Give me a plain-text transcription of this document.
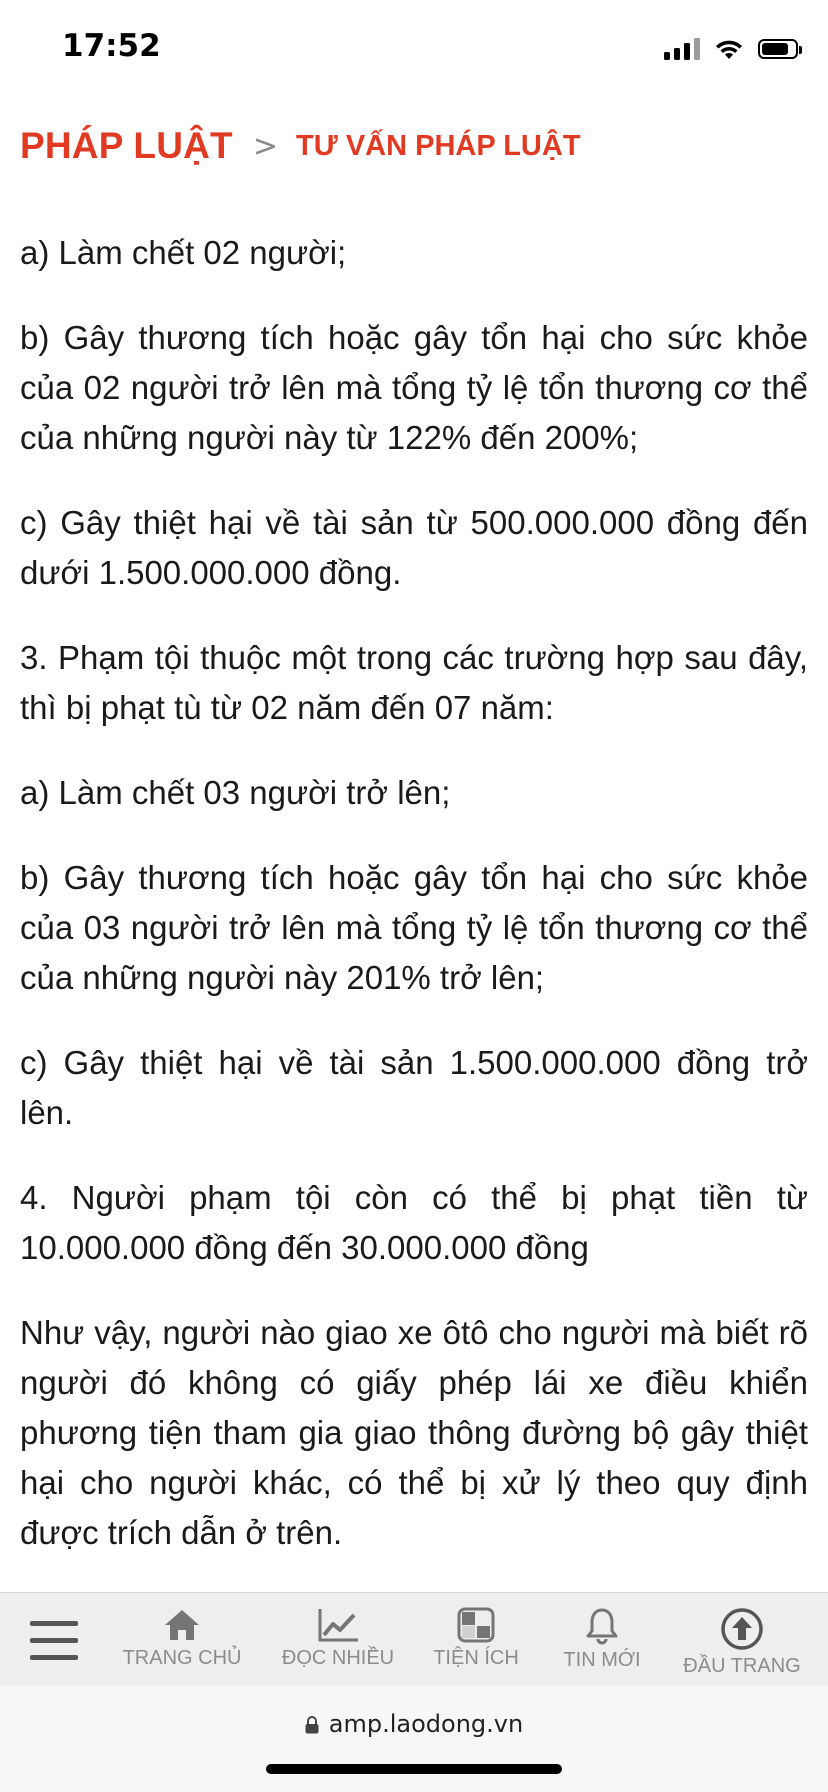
17:52
PHÁP LUẬT > TƯ VẤN PHÁP LUẬT

a) Làm chết 02 người;

b) Gây thương tích hoặc gây tổn hại cho sức khỏe của 02 người trở lên mà tổng tỷ lệ tổn thương cơ thể của những người này từ 122% đến 200%;

c) Gây thiệt hại về tài sản từ 500.000.000 đồng đến dưới 1.500.000.000 đồng.

3. Phạm tội thuộc một trong các trường hợp sau đây, thì bị phạt tù từ 02 năm đến 07 năm:

a) Làm chết 03 người trở lên;

b) Gây thương tích hoặc gây tổn hại cho sức khỏe của 03 người trở lên mà tổng tỷ lệ tổn thương cơ thể của những người này 201% trở lên;

c) Gây thiệt hại về tài sản 1.500.000.000 đồng trở lên.

4. Người phạm tội còn có thể bị phạt tiền từ 10.000.000 đồng đến 30.000.000 đồng

Như vậy, người nào giao xe ôtô cho người mà biết rõ người đó không có giấy phép lái xe điều khiển phương tiện tham gia giao thông đường bộ gây thiệt hại cho người khác, có thể bị xử lý theo quy định được trích dẫn ở trên.

TRANG CHỦ ĐỌC NHIỀU TIỆN ÍCH TIN MỚI ĐẦU TRANG
amp.laodong.vn
